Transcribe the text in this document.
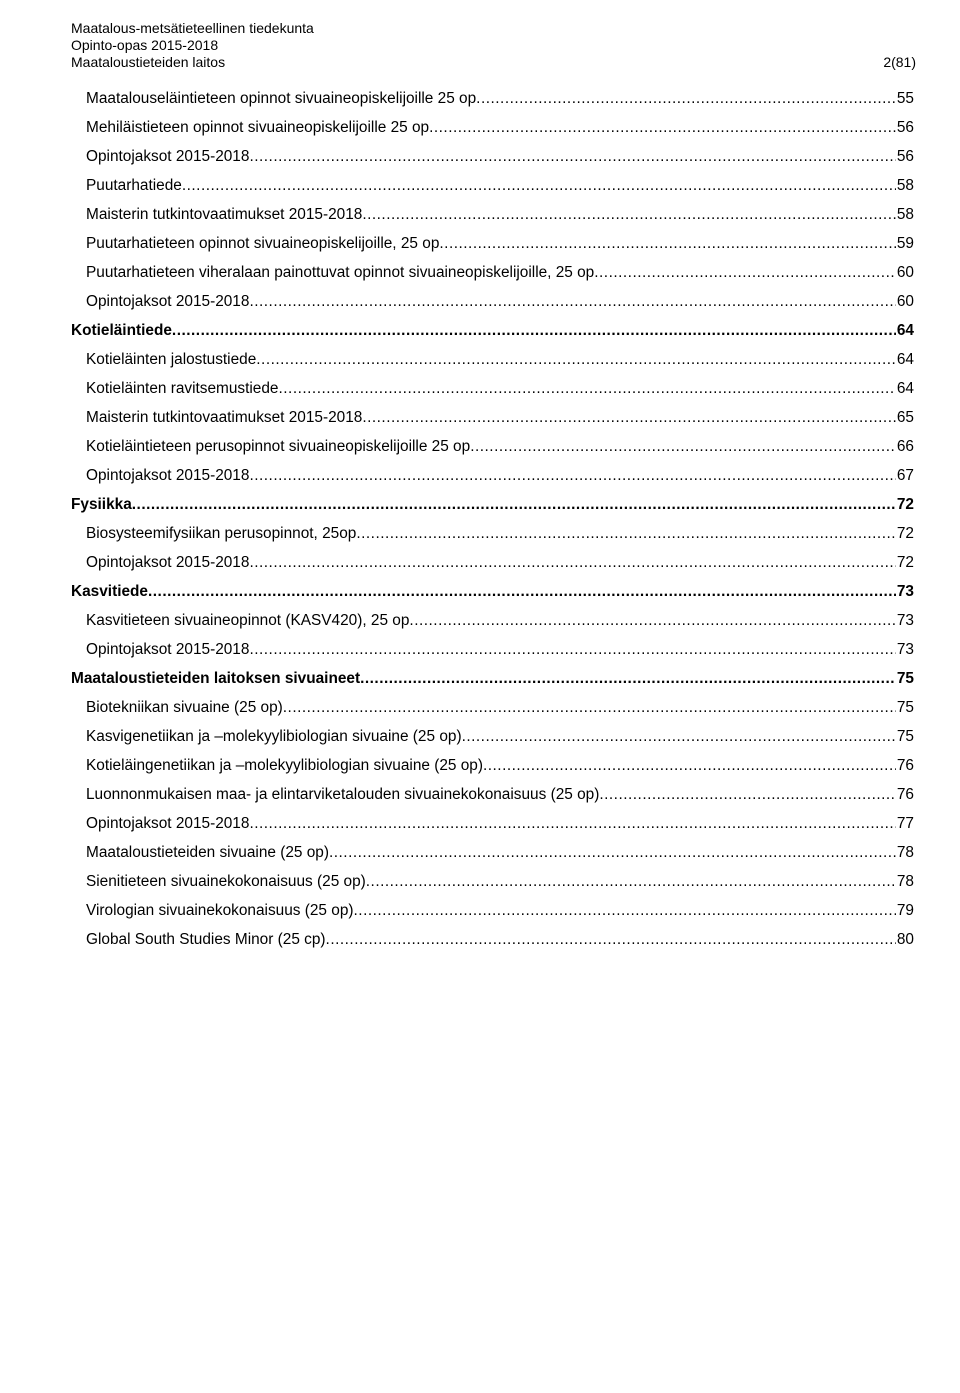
Maatalous-metsätieteellinen tiedekunta
Opinto-opas 2015-2018
Maataloustieteiden laitos	2(81)
Maatalouseläintieteen opinnot sivuaineopiskelijoille 25 op .....	55
Mehiläistieteen opinnot sivuaineopiskelijoille 25 op .....	56
Opintojaksot 2015-2018 .....	56
Puutarhatiede .....	58
Maisterin tutkintovaatimukset 2015-2018 .....	58
Puutarhatieteen opinnot sivuaineopiskelijoille, 25 op .....	59
Puutarhatieteen viheralaan painottuvat opinnot sivuaineopiskelijoille, 25 op .....	60
Opintojaksot 2015-2018 .....	60
Kotieläintiede .....	64
Kotieläinten jalostustiede .....	64
Kotieläinten ravitsemustiede .....	64
Maisterin tutkintovaatimukset 2015-2018 .....	65
Kotieläintieteen perusopinnot sivuaineopiskelijoille 25 op .....	66
Opintojaksot 2015-2018 .....	67
Fysiikka .....	72
Biosysteemifysiikan perusopinnot, 25op .....	72
Opintojaksot 2015-2018 .....	72
Kasvitiede .....	73
Kasvitieteen sivuaineopinnot (KASV420), 25 op .....	73
Opintojaksot 2015-2018 .....	73
Maataloustieteiden laitoksen sivuaineet .....	75
Biotekniikan sivuaine (25 op) .....	75
Kasvigenetiikan ja –molekyylibiologian sivuaine (25 op) .....	75
Kotieläingenetiikan ja –molekyylibiologian sivuaine (25 op) .....	76
Luonnonmukaisen maa- ja elintarviketalouden sivuainekokonaisuus (25 op) .....	76
Opintojaksot 2015-2018 .....	77
Maataloustieteiden sivuaine (25 op) .....	78
Sienitieteen sivuainekokonaisuus (25 op) .....	78
Virologian sivuainekokonaisuus (25 op) .....	79
Global South Studies Minor (25 cp) .....	80
